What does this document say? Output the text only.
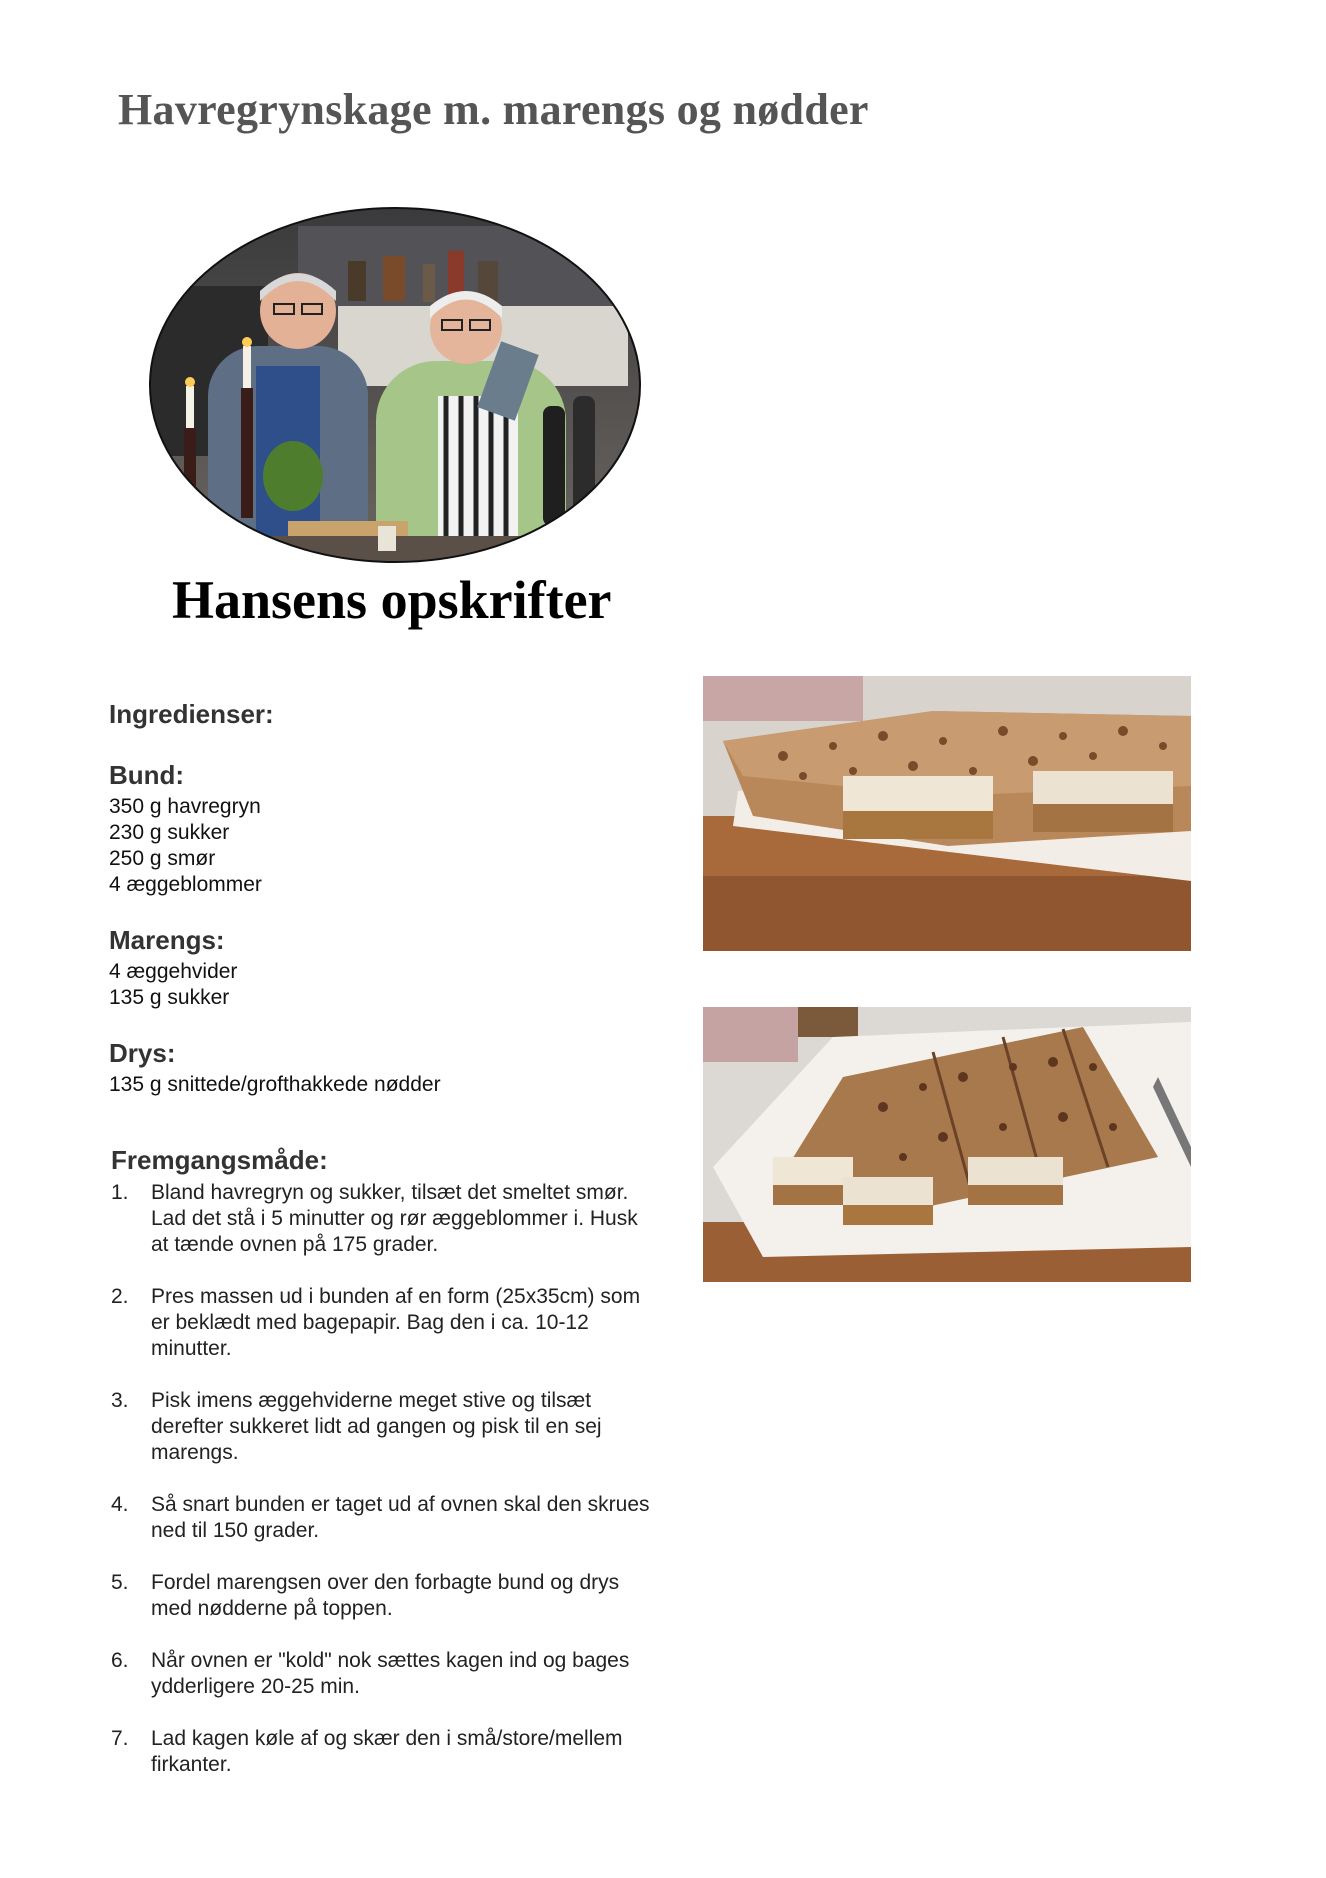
Havregrynskage m. marengs og nødder
Hansens opskrifter
Ingredienser:
Bund:
350 g havregryn
230 g sukker
250 g smør
4 æggeblommer
Marengs:
4 æggehvider
135 g sukker
Drys:
135 g snittede/grofthakkede nødder
Fremgangsmåde:
1.	Bland havregryn og sukker, tilsæt det smeltet smør. Lad det stå i 5 minutter og rør æggeblommer i. Husk at tænde ovnen på 175 grader.
2.	Pres massen ud i bunden af en form (25x35cm) som er beklædt med bagepapir. Bag den i ca. 10-12 minutter.
3.	Pisk imens æggehviderne meget stive og tilsæt derefter sukkeret lidt ad gangen og pisk til en sej marengs.
4.	Så snart bunden er taget ud af ovnen skal den skrues ned til 150 grader.
5.	Fordel marengsen over den forbagte bund og drys med nødderne på toppen.
6.	Når ovnen er "kold" nok sættes kagen ind og bages ydderligere 20-25 min.
7.	Lad kagen køle af og skær den i små/store/mellem firkanter.
